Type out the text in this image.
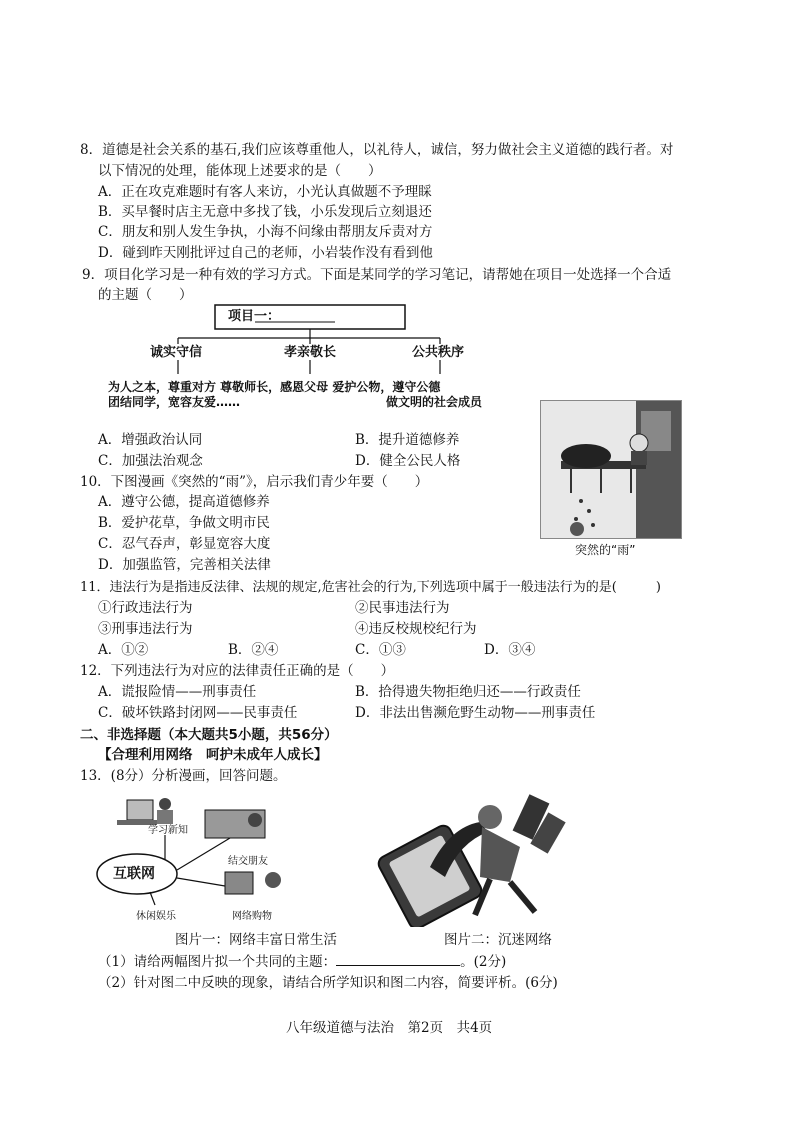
8．道德是社会关系的基石,我们应该尊重他人，以礼待人，诚信，努力做社会主义道德的践行者。对
以下情况的处理，能体现上述要求的是（　　）
A．正在攻克难题时有客人来访，小光认真做题不予理睬
B．买早餐时店主无意中多找了钱，小乐发现后立刻退还
C．朋友和别人发生争执，小海不问缘由帮朋友斥责对方
D．碰到昨天刚批评过自己的老师，小岩装作没有看到他
9．项目化学习是一种有效的学习方式。下面是某同学的学习笔记，请帮她在项目一处选择一个合适
的主题（　　）
项目一：
诚实守信	孝亲敬长	公共秩序
为人之本，尊重对方 尊敬师长，感恩父母 爱护公物，遵守公德
团结同学，宽容友爱……	做文明的社会成员
A．增强政治认同	B．提升道德修养
C．加强法治观念	D．健全公民人格
突然的“雨”
10．下图漫画《突然的“雨”》，启示我们青少年要（　　）
A．遵守公德，提高道德修养
B．爱护花草，争做文明市民
C．忍气吞声，彰显宽容大度
D．加强监管，完善相关法律
11．违法行为是指违反法律、法规的规定,危害社会的行为,下列选项中属于一般违法行为的是(　　　)
①行政违法行为	②民事违法行为
③刑事违法行为	④违反校规校纪行为
A．①②	B．②④	C．①③	D．③④
12．下列违法行为对应的法律责任正确的是（　　）
A．谎报险情——刑事责任	B．拾得遗失物拒绝归还——行政责任
C．破坏铁路封闭网——民事责任	D．非法出售濒危野生动物——刑事责任
二、非选择题（本大题共5小题，共56分）
【合理利用网络　呵护未成年人成长】
13．(8分）分析漫画，回答问题。
互联网
学习新知
结交朋友
休闲娱乐	网络购物
图片一：网络丰富日常生活	图片二：沉迷网络
（1）请给两幅图片拟一个共同的主题：	。(2分)
（2）针对图二中反映的现象，请结合所学知识和图二内容，简要评析。(6分)
八年级道德与法治　第2页　共4页
